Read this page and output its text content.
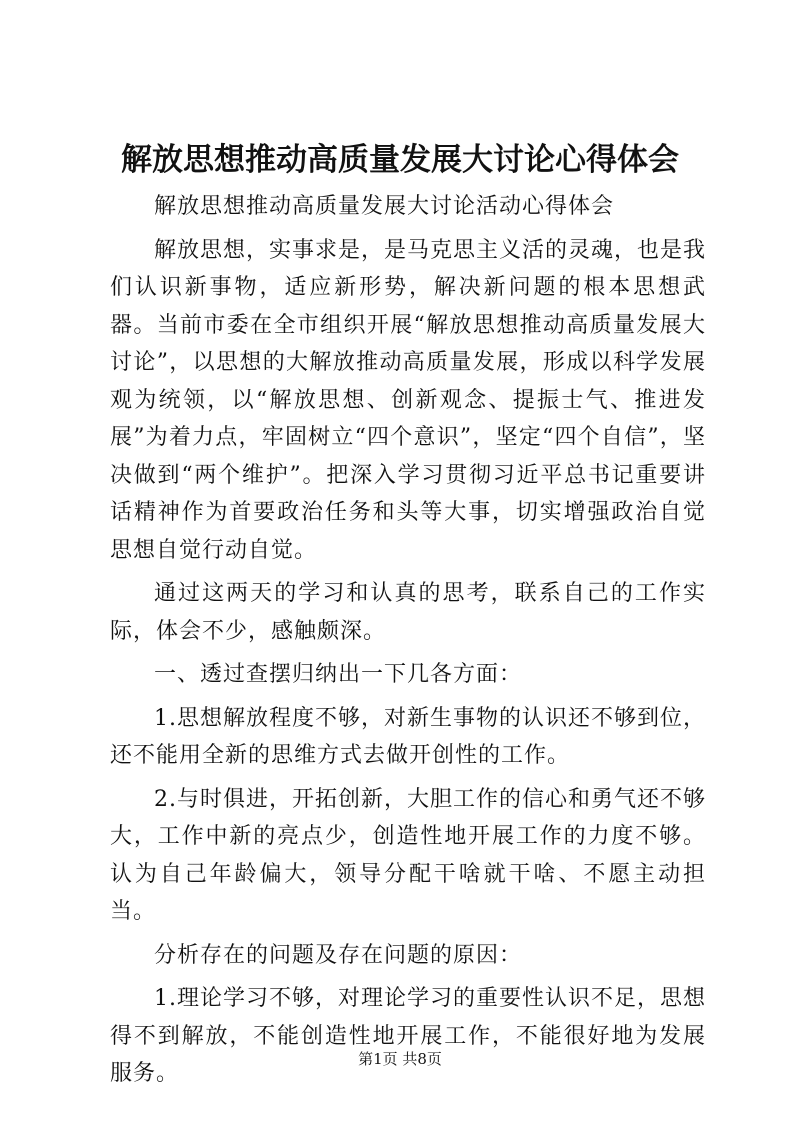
解放思想推动高质量发展大讨论心得体会

解放思想推动高质量发展大讨论活动心得体会

解放思想，实事求是，是马克思主义活的灵魂，也是我们认识新事物，适应新形势，解决新问题的根本思想武器。当前市委在全市组织开展“解放思想推动高质量发展大讨论”，以思想的大解放推动高质量发展，形成以科学发展观为统领，以“解放思想、创新观念、提振士气、推进发展”为着力点，牢固树立“四个意识”，坚定“四个自信”，坚决做到“两个维护”。把深入学习贯彻习近平总书记重要讲话精神作为首要政治任务和头等大事，切实增强政治自觉思想自觉行动自觉。

通过这两天的学习和认真的思考，联系自己的工作实际，体会不少，感触颇深。

一、透过查摆归纳出一下几各方面：

1.思想解放程度不够，对新生事物的认识还不够到位，还不能用全新的思维方式去做开创性的工作。

2.与时俱进，开拓创新，大胆工作的信心和勇气还不够大，工作中新的亮点少，创造性地开展工作的力度不够。认为自己年龄偏大，领导分配干啥就干啥、不愿主动担当。

分析存在的问题及存在问题的原因：

1.理论学习不够，对理论学习的重要性认识不足，思想得不到解放，不能创造性地开展工作，不能很好地为发展服务。

第1页 共8页
